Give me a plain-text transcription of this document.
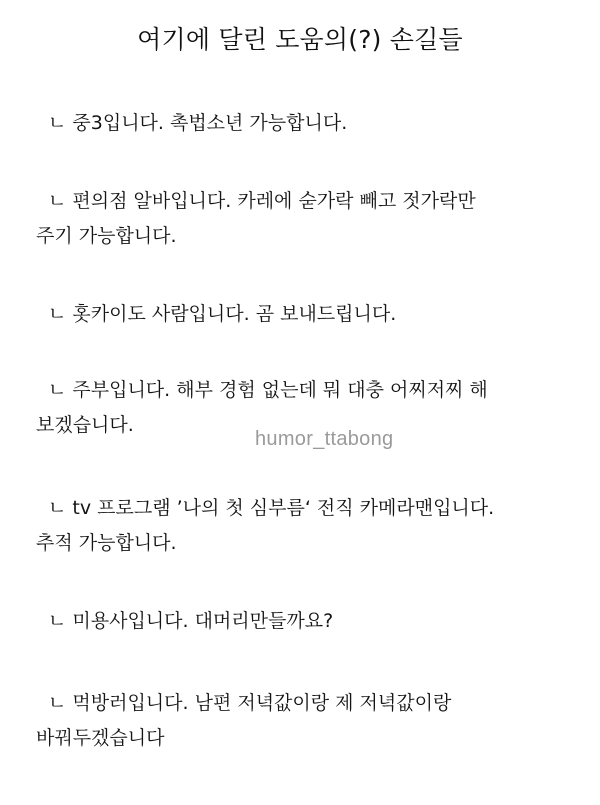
여기에 달린 도움의(?) 손길들
ㄴ 중3입니다. 촉법소년 가능합니다.
ㄴ 편의점 알바입니다. 카레에 숟가락 빼고 젓가락만
주기 가능합니다.
ㄴ 홋카이도 사람입니다. 곰 보내드립니다.
ㄴ 주부입니다. 해부 경험 없는데 뭐 대충 어찌저찌 해
보겠습니다.
ㄴ tv 프로그램 ’나의 첫 심부름‘ 전직 카메라맨입니다.
추적 가능합니다.
ㄴ 미용사입니다. 대머리만들까요?
ㄴ 먹방러입니다. 남편 저녁값이랑 제 저녁값이랑
바꿔두겠습니다
humor_ttabong
